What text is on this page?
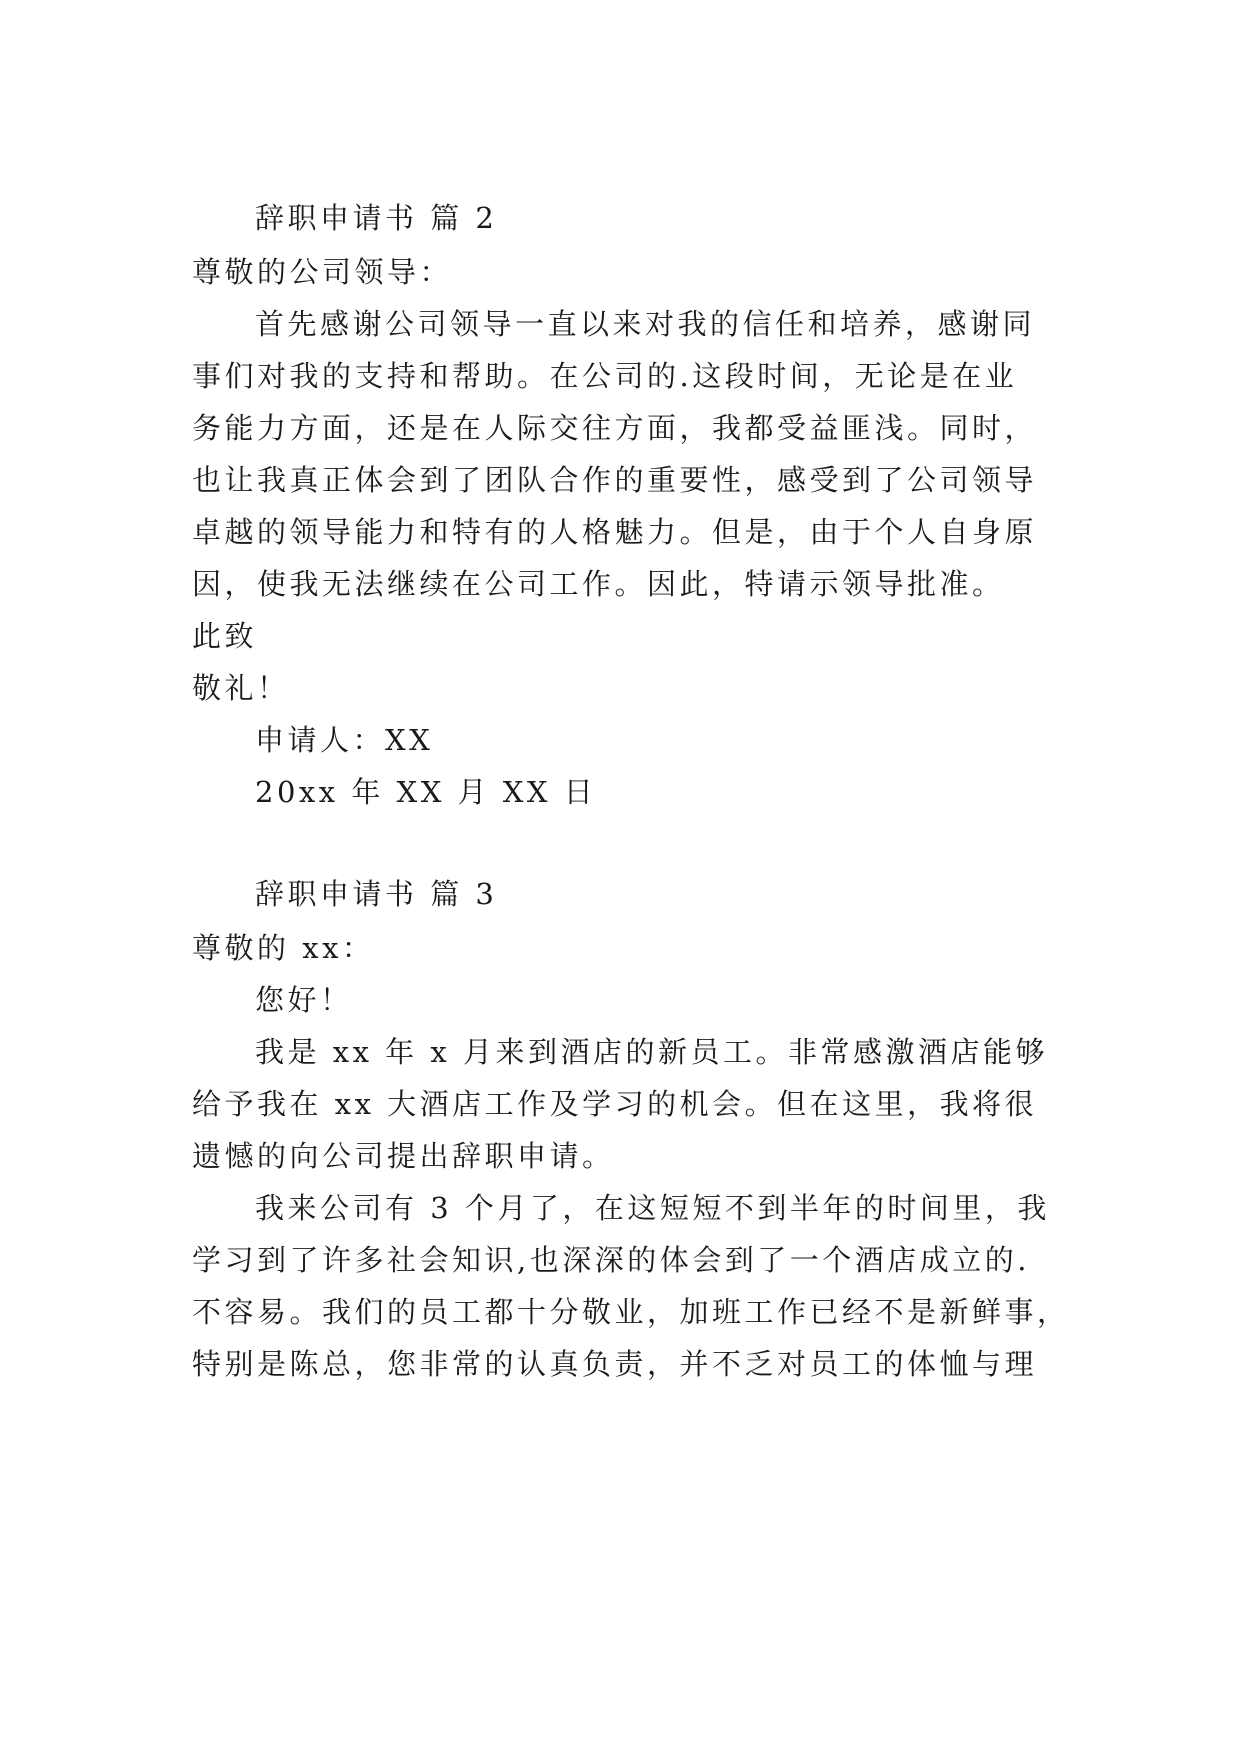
辞职申请书 篇 2
尊敬的公司领导：
首先感谢公司领导一直以来对我的信任和培养，感谢同
事们对我的支持和帮助。在公司的.这段时间，无论是在业
务能力方面，还是在人际交往方面，我都受益匪浅。同时，
也让我真正体会到了团队合作的重要性，感受到了公司领导
卓越的领导能力和特有的人格魅力。但是，由于个人自身原
因，使我无法继续在公司工作。因此，特请示领导批准。
此致
敬礼！
申请人：XX
20xx 年 XX 月 XX 日
辞职申请书 篇 3
尊敬的 xx：
您好！
我是 xx 年 x 月来到酒店的新员工。非常感激酒店能够
给予我在 xx 大酒店工作及学习的机会。但在这里，我将很
遗憾的向公司提出辞职申请。
我来公司有 3 个月了，在这短短不到半年的时间里，我
学习到了许多社会知识,也深深的体会到了一个酒店成立的.
不容易。我们的员工都十分敬业，加班工作已经不是新鲜事，
特别是陈总，您非常的认真负责，并不乏对员工的体恤与理
